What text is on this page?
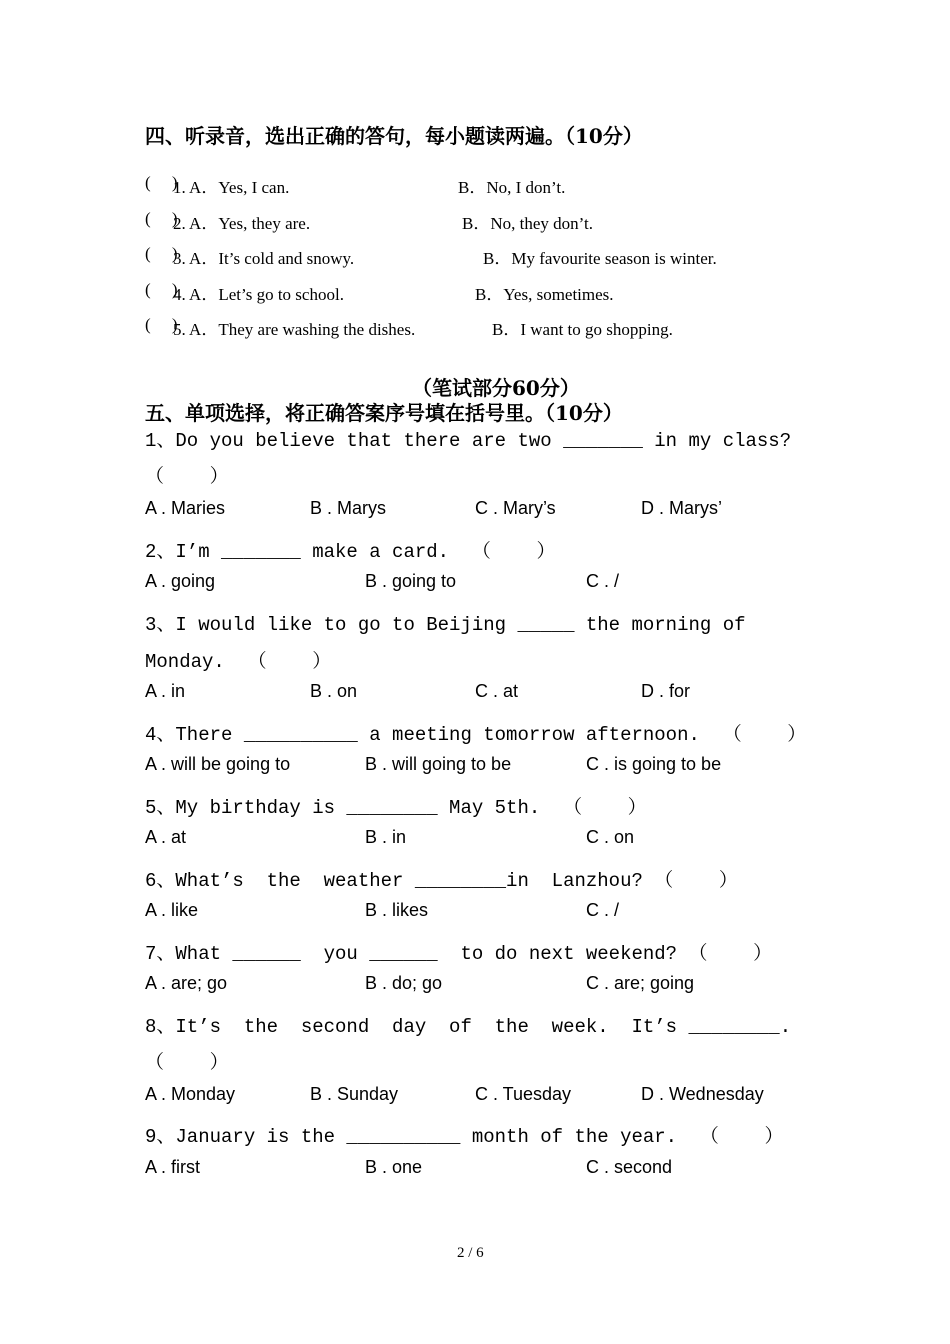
四、听录音，选出正确的答句，每小题读两遍。（10分）
(     )
1. A．Yes, I can.	B．No, I don’t.
(     )
2. A．Yes, they are.	B．No, they don’t.
(     )
3. A．It’s cold and snowy.	B．My favourite season is winter.
(     )
4. A．Let’s go to school.	B．Yes, sometimes.
(     )
5. A．They are washing the dishes.	B．I want to go shopping.
（笔试部分60分）
五、单项选择，将正确答案序号填在括号里。（10分）
1、Do you believe that there are two _______ in my class?
（    ）
A . Maries	B . Marys	C . Mary’s	D . Marys’
2、I’m _______ make a card.  （    ）
A . going	B . going to	C . /
3、I would like to go to Beijing _____ the morning of
Monday.  （    ）
A . in	B . on	C . at	D . for
4、There __________ a meeting tomorrow afternoon.  （    ）
A . will be going to	B . will going to be	C . is going to be
5、My birthday is ________ May 5th.  （    ）
A . at	B . in	C . on
6、What’s  the  weather ________in  Lanzhou? （    ）
A . like	B . likes	C . /
7、What ______  you ______  to do next weekend? （    ）
A . are; go	B . do; go	C . are; going
8、It’s  the  second  day  of  the  week.  It’s ________.
（    ）
A . Monday	B . Sunday	C . Tuesday	D . Wednesday
9、January is the __________ month of the year.  （    ）
A . first	B . one	C . second
2 / 6
